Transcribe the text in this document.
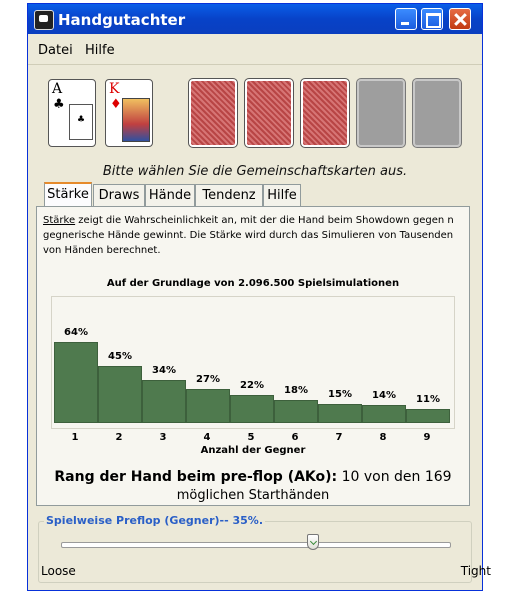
Handgutachter
Datei Hilfe
A
♣
♣
K
♦
Bitte wählen Sie die Gemeinschaftskarten aus.
Stärke Draws Hände Tendenz Hilfe
Stärke zeigt die Wahrscheinlichkeit an, mit der die Hand beim Showdown gegen n gegnerische Hände gewinnt. Die Stärke wird durch das Simulieren von Tausenden von Händen berechnet.
Auf der Grundlage von 2.096.500 Spielsimulationen
64%
45%
34%
27%
22%	18%	15%	14%	11%
Anzahl der Gegner
Rang der Hand beim pre-flop (AKo): 10 von den 169
möglichen Starthänden
1	2	3	4	5	6	7	8	9
Spielweise Preflop (Gegner)-- 35%.
Loose	Tight
